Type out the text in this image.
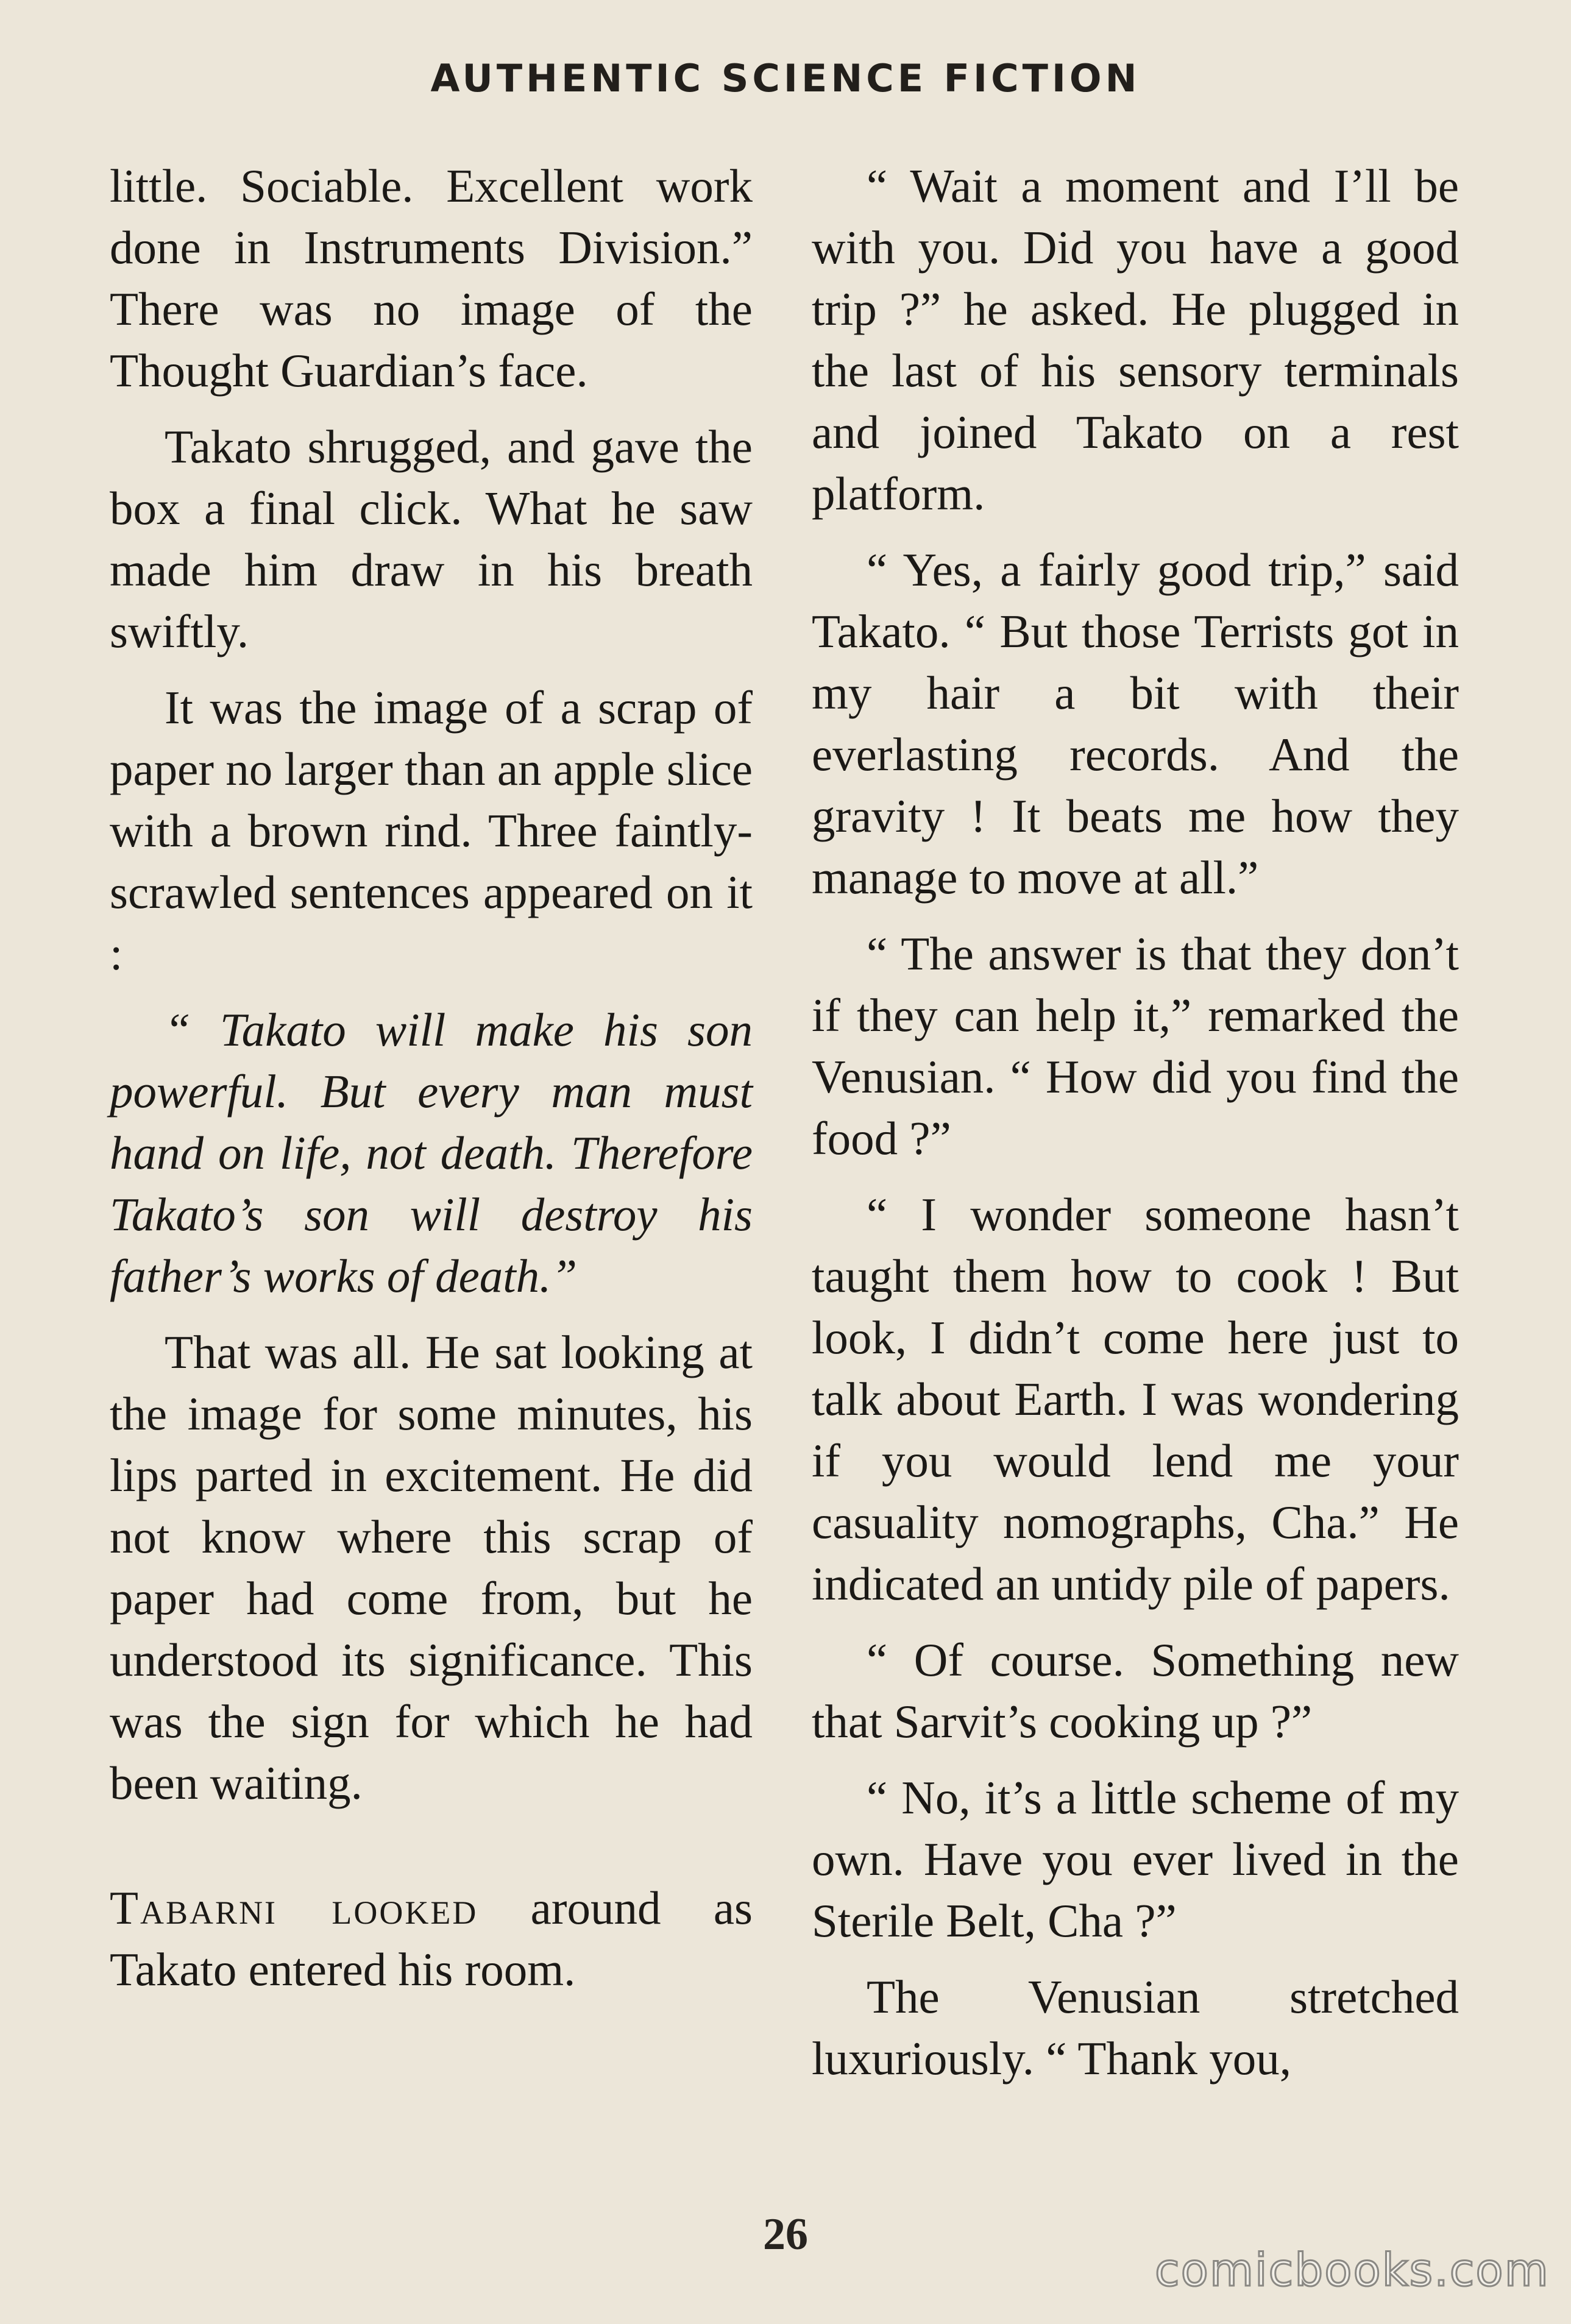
AUTHENTIC SCIENCE FICTION

little. Sociable. Excellent work done in Instruments Division.” There was no image of the Thought Guardian’s face.

Takato shrugged, and gave the box a final click. What he saw made him draw in his breath swiftly.

It was the image of a scrap of paper no larger than an apple slice with a brown rind. Three faintly-scrawled sentences appeared on it :

“ Takato will make his son powerful. But every man must hand on life, not death. Therefore Takato’s son will destroy his father’s works of death.”

That was all. He sat looking at the image for some minutes, his lips parted in excitement. He did not know where this scrap of paper had come from, but he understood its significance. This was the sign for which he had been waiting.

Tabarni looked around as Takato entered his room.

“ Wait a moment and I’ll be with you. Did you have a good trip ?” he asked. He plugged in the last of his sensory terminals and joined Takato on a rest platform.

“ Yes, a fairly good trip,” said Takato. “ But those Terrists got in my hair a bit with their everlasting records. And the gravity ! It beats me how they manage to move at all.”

“ The answer is that they don’t if they can help it,” remarked the Venusian. “ How did you find the food ?”

“ I wonder someone hasn’t taught them how to cook ! But look, I didn’t come here just to talk about Earth. I was wondering if you would lend me your casuality nomographs, Cha.” He indicated an untidy pile of papers.

“ Of course. Something new that Sarvit’s cooking up ?”

“ No, it’s a little scheme of my own. Have you ever lived in the Sterile Belt, Cha ?”

The Venusian stretched luxuriously. “ Thank you,

26
comicbooks.com
